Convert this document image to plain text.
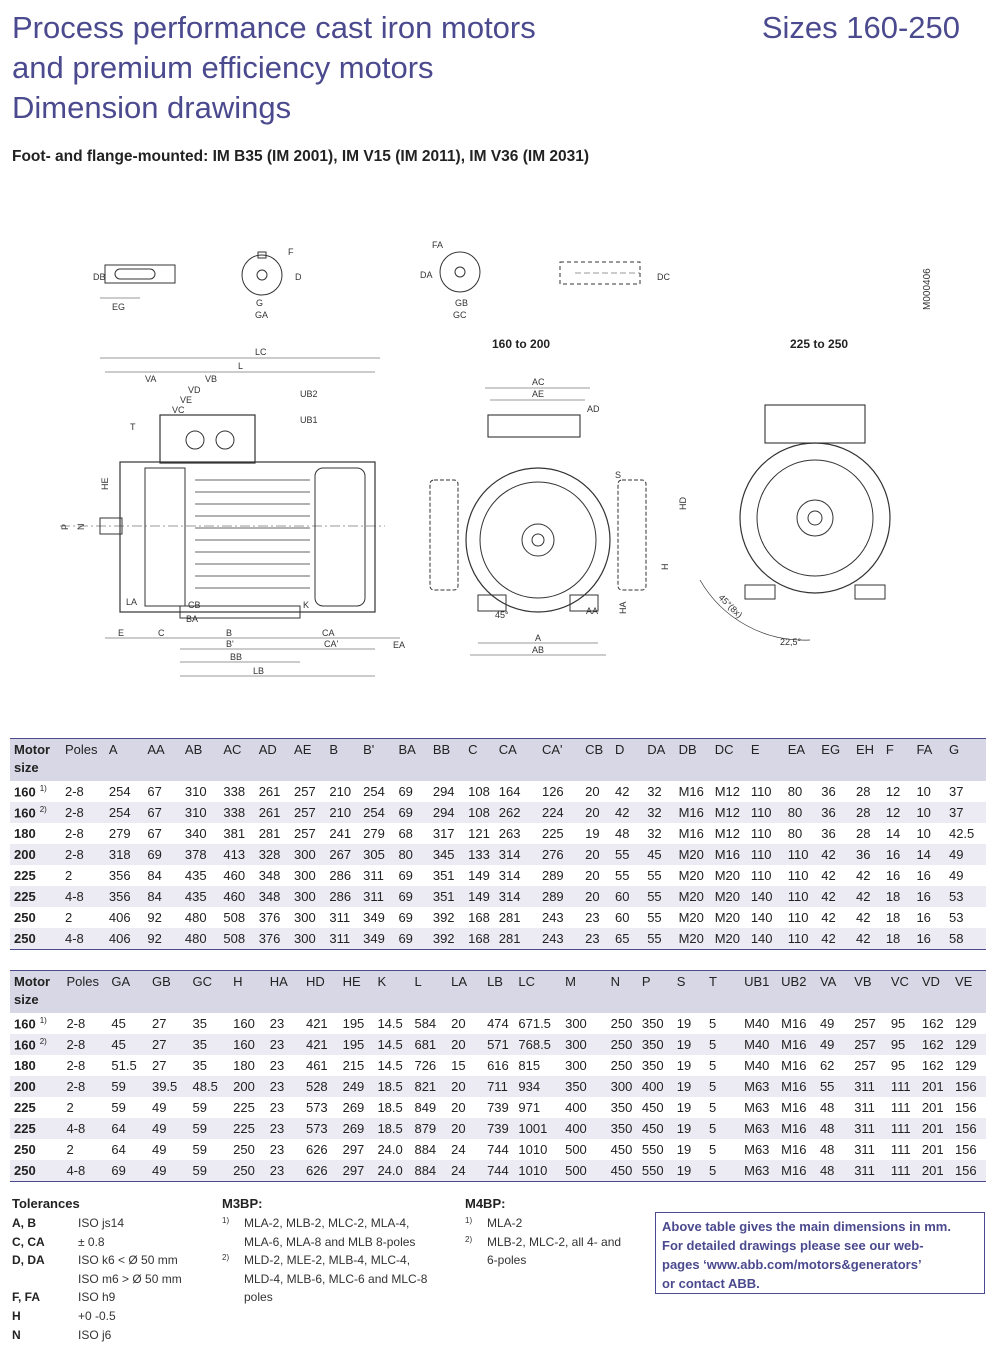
Process performance cast iron motors
and premium efficiency motors
Dimension drawings
Sizes 160-250
Foot- and flange-mounted: IM B35 (IM 2001), IM V15 (IM 2011), IM V36 (IM 2031)
DB
EG
F
D
G
GA
FA
DA
GB
GC
DC	M000406
160 to 200	225 to 250
LC
L
VA	VB
VD
VE
VC
UB2
UB1
T
HE
P N
LA	CB
BA
K
E	C	B	CA
EA
B'	CA'
BB
LB
AC
AE
AD
S
HD
H
45°	AA HA
A
AB
45°(8x)
22,5°
Motor	Poles	A	AA	AB	AC	AD	AE	B	B'	BA	BB	C	CA	CA'	CB	D	DA	DB	DC	E	EA	EG	EH	F	FA	G
size																										
160 $^{1)}$	2-8	254	67	310	338	261	257	210	254	69	294	108	164	126	20	42	32	M16	M12	110	80	36	28	12	10	37
160 $^{2)}$	2-8	254	67	310	338	261	257	210	254	69	294	108	262	224	20	42	32	M16	M12	110	80	36	28	12	10	37
180	2-8	279	67	340	381	281	257	241	279	68	317	121	263	225	19	48	32	M16	M12	110	80	36	28	14	10	42.5
200	2-8	318	69	378	413	328	300	267	305	80	345	133	314	276	20	55	45	M20	M16	110	110	42	36	16	14	49
225	2	356	84	435	460	348	300	286	311	69	351	149	314	289	20	55	55	M20	M20	110	110	42	42	16	16	49
225	4-8	356	84	435	460	348	300	286	311	69	351	149	314	289	20	60	55	M20	M20	140	110	42	42	18	16	53
250	2	406	92	480	508	376	300	311	349	69	392	168	281	243	23	60	55	M20	M20	140	110	42	42	18	16	53
250	4-8	406	92	480	508	376	300	311	349	69	392	168	281	243	23	65	55	M20	M20	140	110	42	42	18	16	58
Motor	Poles	GA	GB	GC	H	HA	HD	HE	K	L	LA	LB	LC	M	N	P	S	T	UB1	UB2	VA	VB	VC	VD	VE
size																									
160 $^{1)}$	2-8	45	27	35	160	23	421	195	14.5	584	20	474	671.5	300	250	350	19	5	M40	M16	49	257	95	162	129
160 $^{2)}$	2-8	45	27	35	160	23	421	195	14.5	681	20	571	768.5	300	250	350	19	5	M40	M16	49	257	95	162	129
180	2-8	51.5	27	35	180	23	461	215	14.5	726	15	616	815	300	250	350	19	5	M40	M16	62	257	95	162	129
200	2-8	59	39.5	48.5	200	23	528	249	18.5	821	20	711	934	350	300	400	19	5	M63	M16	55	311	111	201	156
225	2	59	49	59	225	23	573	269	18.5	849	20	739	971	400	350	450	19	5	M63	M16	48	311	111	201	156
225	4-8	64	49	59	225	23	573	269	18.5	879	20	739	1001	400	350	450	19	5	M63	M16	48	311	111	201	156
250	2	64	49	59	250	23	626	297	24.0	884	24	744	1010	500	450	550	19	5	M63	M16	48	311	111	201	156
250	4-8	69	49	59	250	23	626	297	24.0	884	24	744	1010	500	450	550	19	5	M63	M16	48	311	111	201	156
Tolerances
A, B	ISO js14
C, CA	± 0.8
D, DA	ISO k6 < Ø 50 mm
ISO m6 > Ø 50 mm
F, FA	ISO h9
H	+0 -0.5
N	ISO j6
M3BP:
1) MLA-2, MLB-2, MLC-2, MLA-4,
MLA-6, MLA-8 and MLB 8-poles
2) MLD-2, MLE-2, MLB-4, MLC-4,
MLD-4, MLB-6, MLC-6 and MLC-8
poles
M4BP:
1) MLA-2
2) MLB-2, MLC-2, all 4- and
6-poles
Above table gives the main dimensions in mm.
For detailed drawings please see our web-
pages ‘www.abb.com/motors&generators’
or contact ABB.
